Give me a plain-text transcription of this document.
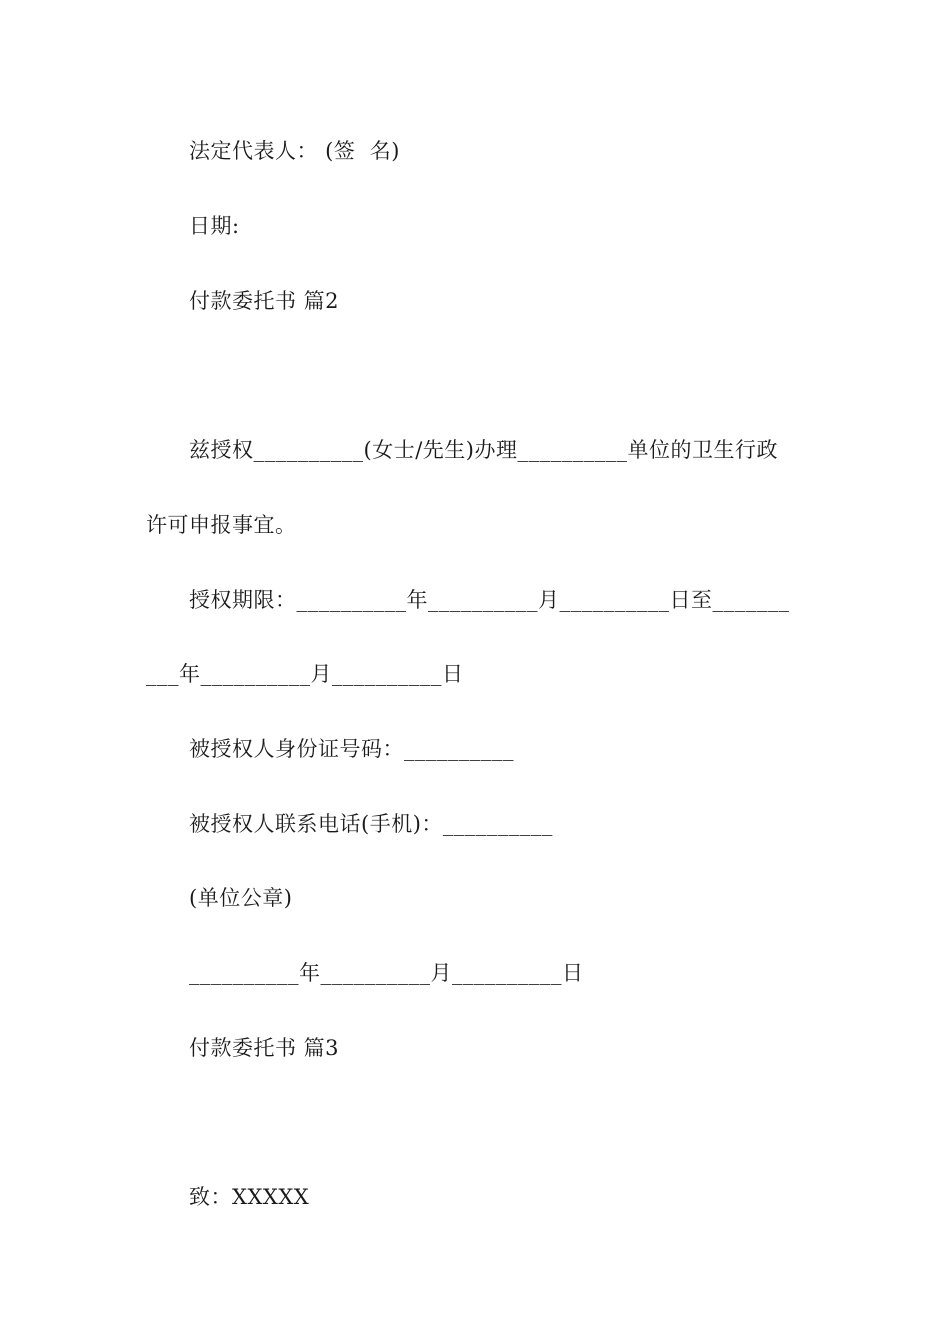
法定代表人： (签  名)
日期:
付款委托书 篇2
兹授权__________(女士/先生)办理__________单位的卫生行政
许可申报事宜。
授权期限：__________年__________月__________日至_______
___年__________月__________日
被授权人身份证号码：__________
被授权人联系电话(手机)：__________
(单位公章)
__________年__________月__________日
付款委托书 篇3
致：XXXXX
